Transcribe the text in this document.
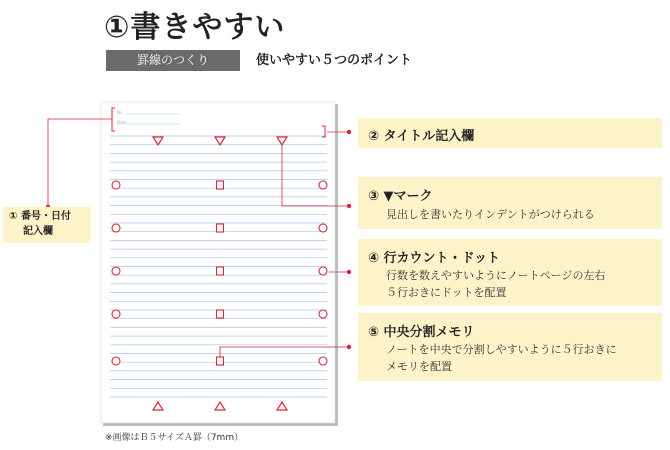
①書きやすい
罫線のつくり	使いやすい５つのポイント
No.
Date
② タイトル記入欄
③ ▼マーク
見出しを書いたりインデントがつけられる
④ 行カウント・ドット
行数を数えやすいようにノートページの左右
５行おきにドットを配置
⑤ 中央分割メモリ
ノートを中央で分割しやすいように５行おきに
メモリを配置
① 番号・日付
記入欄
※画像はＢ５サイズＡ罫（7mm）
